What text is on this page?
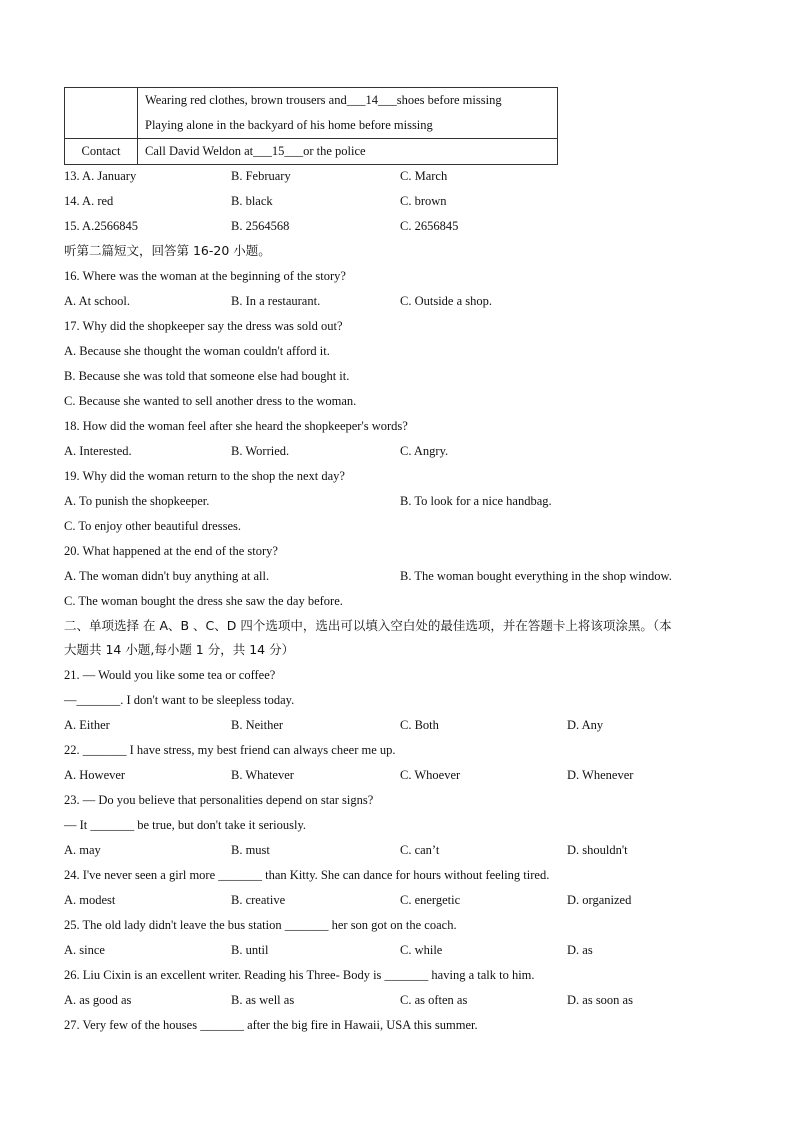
	Wearing red clothes, brown trousers and___14___shoes before missing
Playing alone in the backyard of his home before missing

Contact	Call David Weldon at___15___or the police
13. A. January	B. February	C. March
14. A. red	B. black	C. brown
15. A.2566845	B. 2564568	C. 2656845
听第二篇短文，回答第 16-20 小题。
16. Where was the woman at the beginning of the story?
A. At school.	B. In a restaurant.	C. Outside a shop.
17. Why did the shopkeeper say the dress was sold out?
A. Because she thought the woman couldn't afford it.
B. Because she was told that someone else had bought it.
C. Because she wanted to sell another dress to the woman.
18. How did the woman feel after she heard the shopkeeper's words?
A. Interested.	B. Worried.	C. Angry.
19. Why did the woman return to the shop the next day?
A. To punish the shopkeeper.	B. To look for a nice handbag.
C. To enjoy other beautiful dresses.
20. What happened at the end of the story?
A. The woman didn't buy anything at all.	B. The woman bought everything in the shop window.
C. The woman bought the dress she saw the day before.
二、单项选择 在 A、B 、C、D 四个选项中，选出可以填入空白处的最佳选项，并在答题卡上将该项涂黑。（本
大题共 14 小题,每小题 1 分，共 14 分）
21. — Would you like some tea or coffee?
—_______. I don't want to be sleepless today.
A. Either	B. Neither	C. Both	D. Any
22. _______ I have stress, my best friend can always cheer me up.
A. However	B. Whatever	C. Whoever	D. Whenever
23. — Do you believe that personalities depend on star signs?
— It _______ be true, but don't take it seriously.
A. may	B. must	C. can’t	D. shouldn't
24. I've never seen a girl more _______ than Kitty. She can dance for hours without feeling tired.
A. modest	B. creative	C. energetic	D. organized
25. The old lady didn't leave the bus station _______ her son got on the coach.
A. since	B. until	C. while	D. as
26. Liu Cixin is an excellent writer. Reading his Three- Body is _______ having a talk to him.
A. as good as	B. as well as	C. as often as	D. as soon as
27. Very few of the houses _______ after the big fire in Hawaii, USA this summer.
